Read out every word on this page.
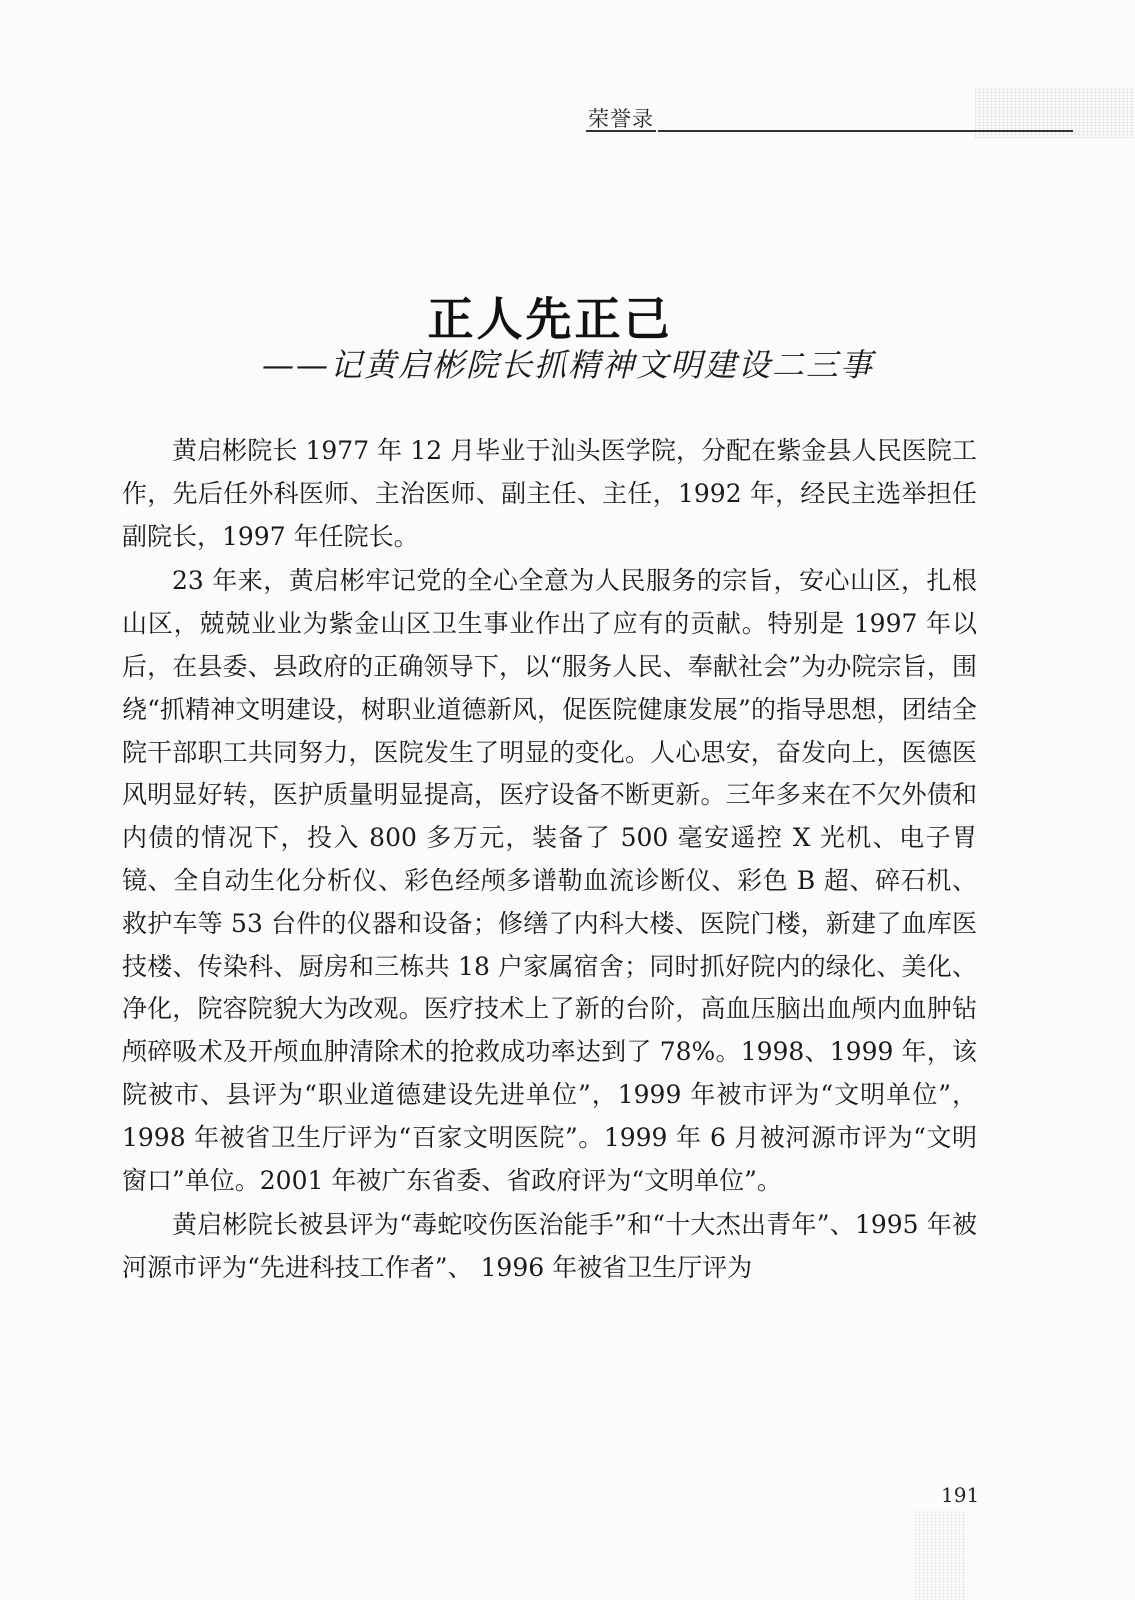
荣誉录
正人先正己
——记黄启彬院长抓精神文明建设二三事

黄启彬院长 1977 年 12 月毕业于汕头医学院，分配在紫金县人民医院工作，先后任外科医师、主治医师、副主任、主任，1992 年，经民主选举担任副院长，1997 年任院长。

23 年来，黄启彬牢记党的全心全意为人民服务的宗旨，安心山区，扎根山区，兢兢业业为紫金山区卫生事业作出了应有的贡献。特别是 1997 年以后，在县委、县政府的正确领导下，以“服务人民、奉献社会”为办院宗旨，围绕“抓精神文明建设，树职业道德新风，促医院健康发展”的指导思想，团结全院干部职工共同努力，医院发生了明显的变化。人心思安，奋发向上，医德医风明显好转，医护质量明显提高，医疗设备不断更新。三年多来在不欠外债和内债的情况下，投入 800 多万元，装备了 500 毫安遥控 X 光机、电子胃镜、全自动生化分析仪、彩色经颅多谱勒血流诊断仪、彩色 B 超、碎石机、救护车等 53 台件的仪器和设备；修缮了内科大楼、医院门楼，新建了血库医技楼、传染科、厨房和三栋共 18 户家属宿舍；同时抓好院内的绿化、美化、净化，院容院貌大为改观。医疗技术上了新的台阶，高血压脑出血颅内血肿钻颅碎吸术及开颅血肿清除术的抢救成功率达到了 78%。1998、1999 年，该院被市、县评为“职业道德建设先进单位”，1999 年被市评为“文明单位”，1998 年被省卫生厅评为“百家文明医院”。1999 年 6 月被河源市评为“文明窗口”单位。2001 年被广东省委、省政府评为“文明单位”。

黄启彬院长被县评为“毒蛇咬伤医治能手”和“十大杰出青年”、1995 年被河源市评为“先进科技工作者”、 1996 年被省卫生厅评为

191
